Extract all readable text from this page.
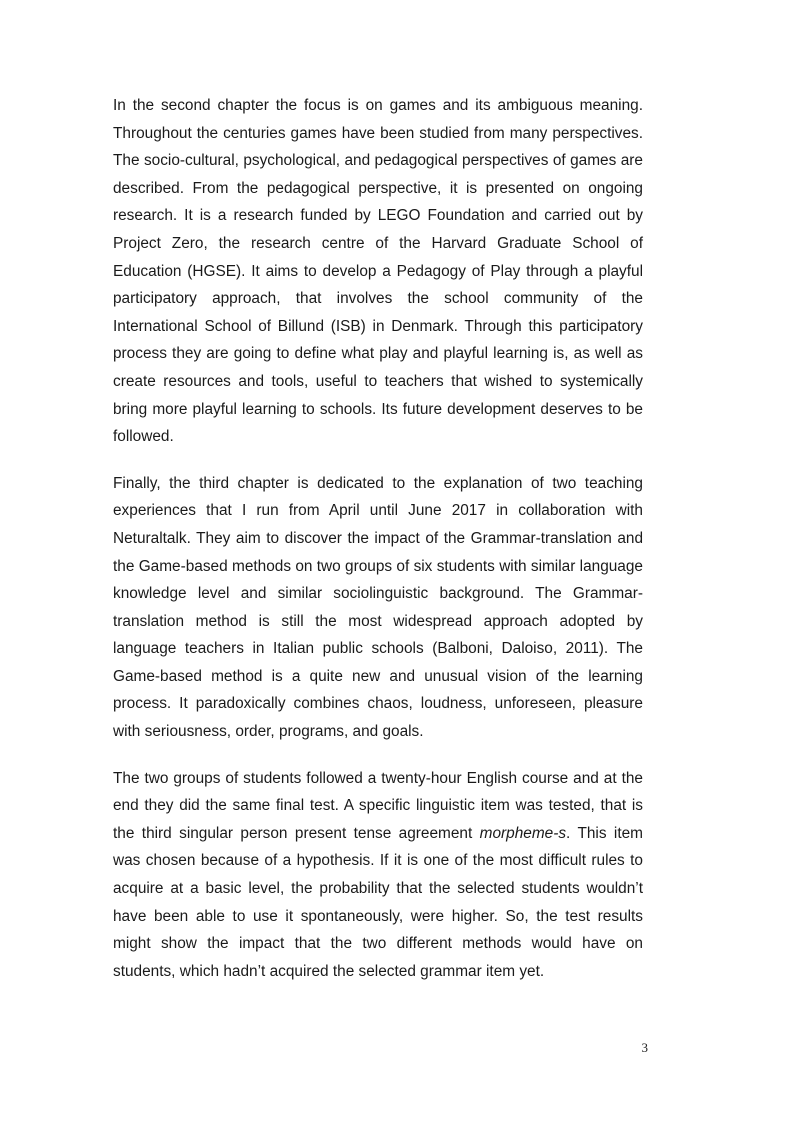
In the second chapter the focus is on games and its ambiguous meaning. Throughout the centuries games have been studied from many perspectives. The socio-cultural, psychological, and pedagogical perspectives of games are described. From the pedagogical perspective, it is presented on ongoing research. It is a research funded by LEGO Foundation and carried out by Project Zero, the research centre of the Harvard Graduate School of Education (HGSE). It aims to develop a Pedagogy of Play through a playful participatory approach, that involves the school community of the International School of Billund (ISB) in Denmark. Through this participatory process they are going to define what play and playful learning is, as well as create resources and tools, useful to teachers that wished to systemically bring more playful learning to schools. Its future development deserves to be followed.

Finally, the third chapter is dedicated to the explanation of two teaching experiences that I run from April until June 2017 in collaboration with Neturaltalk. They aim to discover the impact of the Grammar-translation and the Game-based methods on two groups of six students with similar language knowledge level and similar sociolinguistic background. The Grammar-translation method is still the most widespread approach adopted by language teachers in Italian public schools (Balboni, Daloiso, 2011). The Game-based method is a quite new and unusual vision of the learning process. It paradoxically combines chaos, loudness, unforeseen, pleasure with seriousness, order, programs, and goals.

The two groups of students followed a twenty-hour English course and at the end they did the same final test. A specific linguistic item was tested, that is the third singular person present tense agreement morpheme-s. This item was chosen because of a hypothesis. If it is one of the most difficult rules to acquire at a basic level, the probability that the selected students wouldn’t have been able to use it spontaneously, were higher. So, the test results might show the impact that the two different methods would have on students, which hadn’t acquired the selected grammar item yet.

3
